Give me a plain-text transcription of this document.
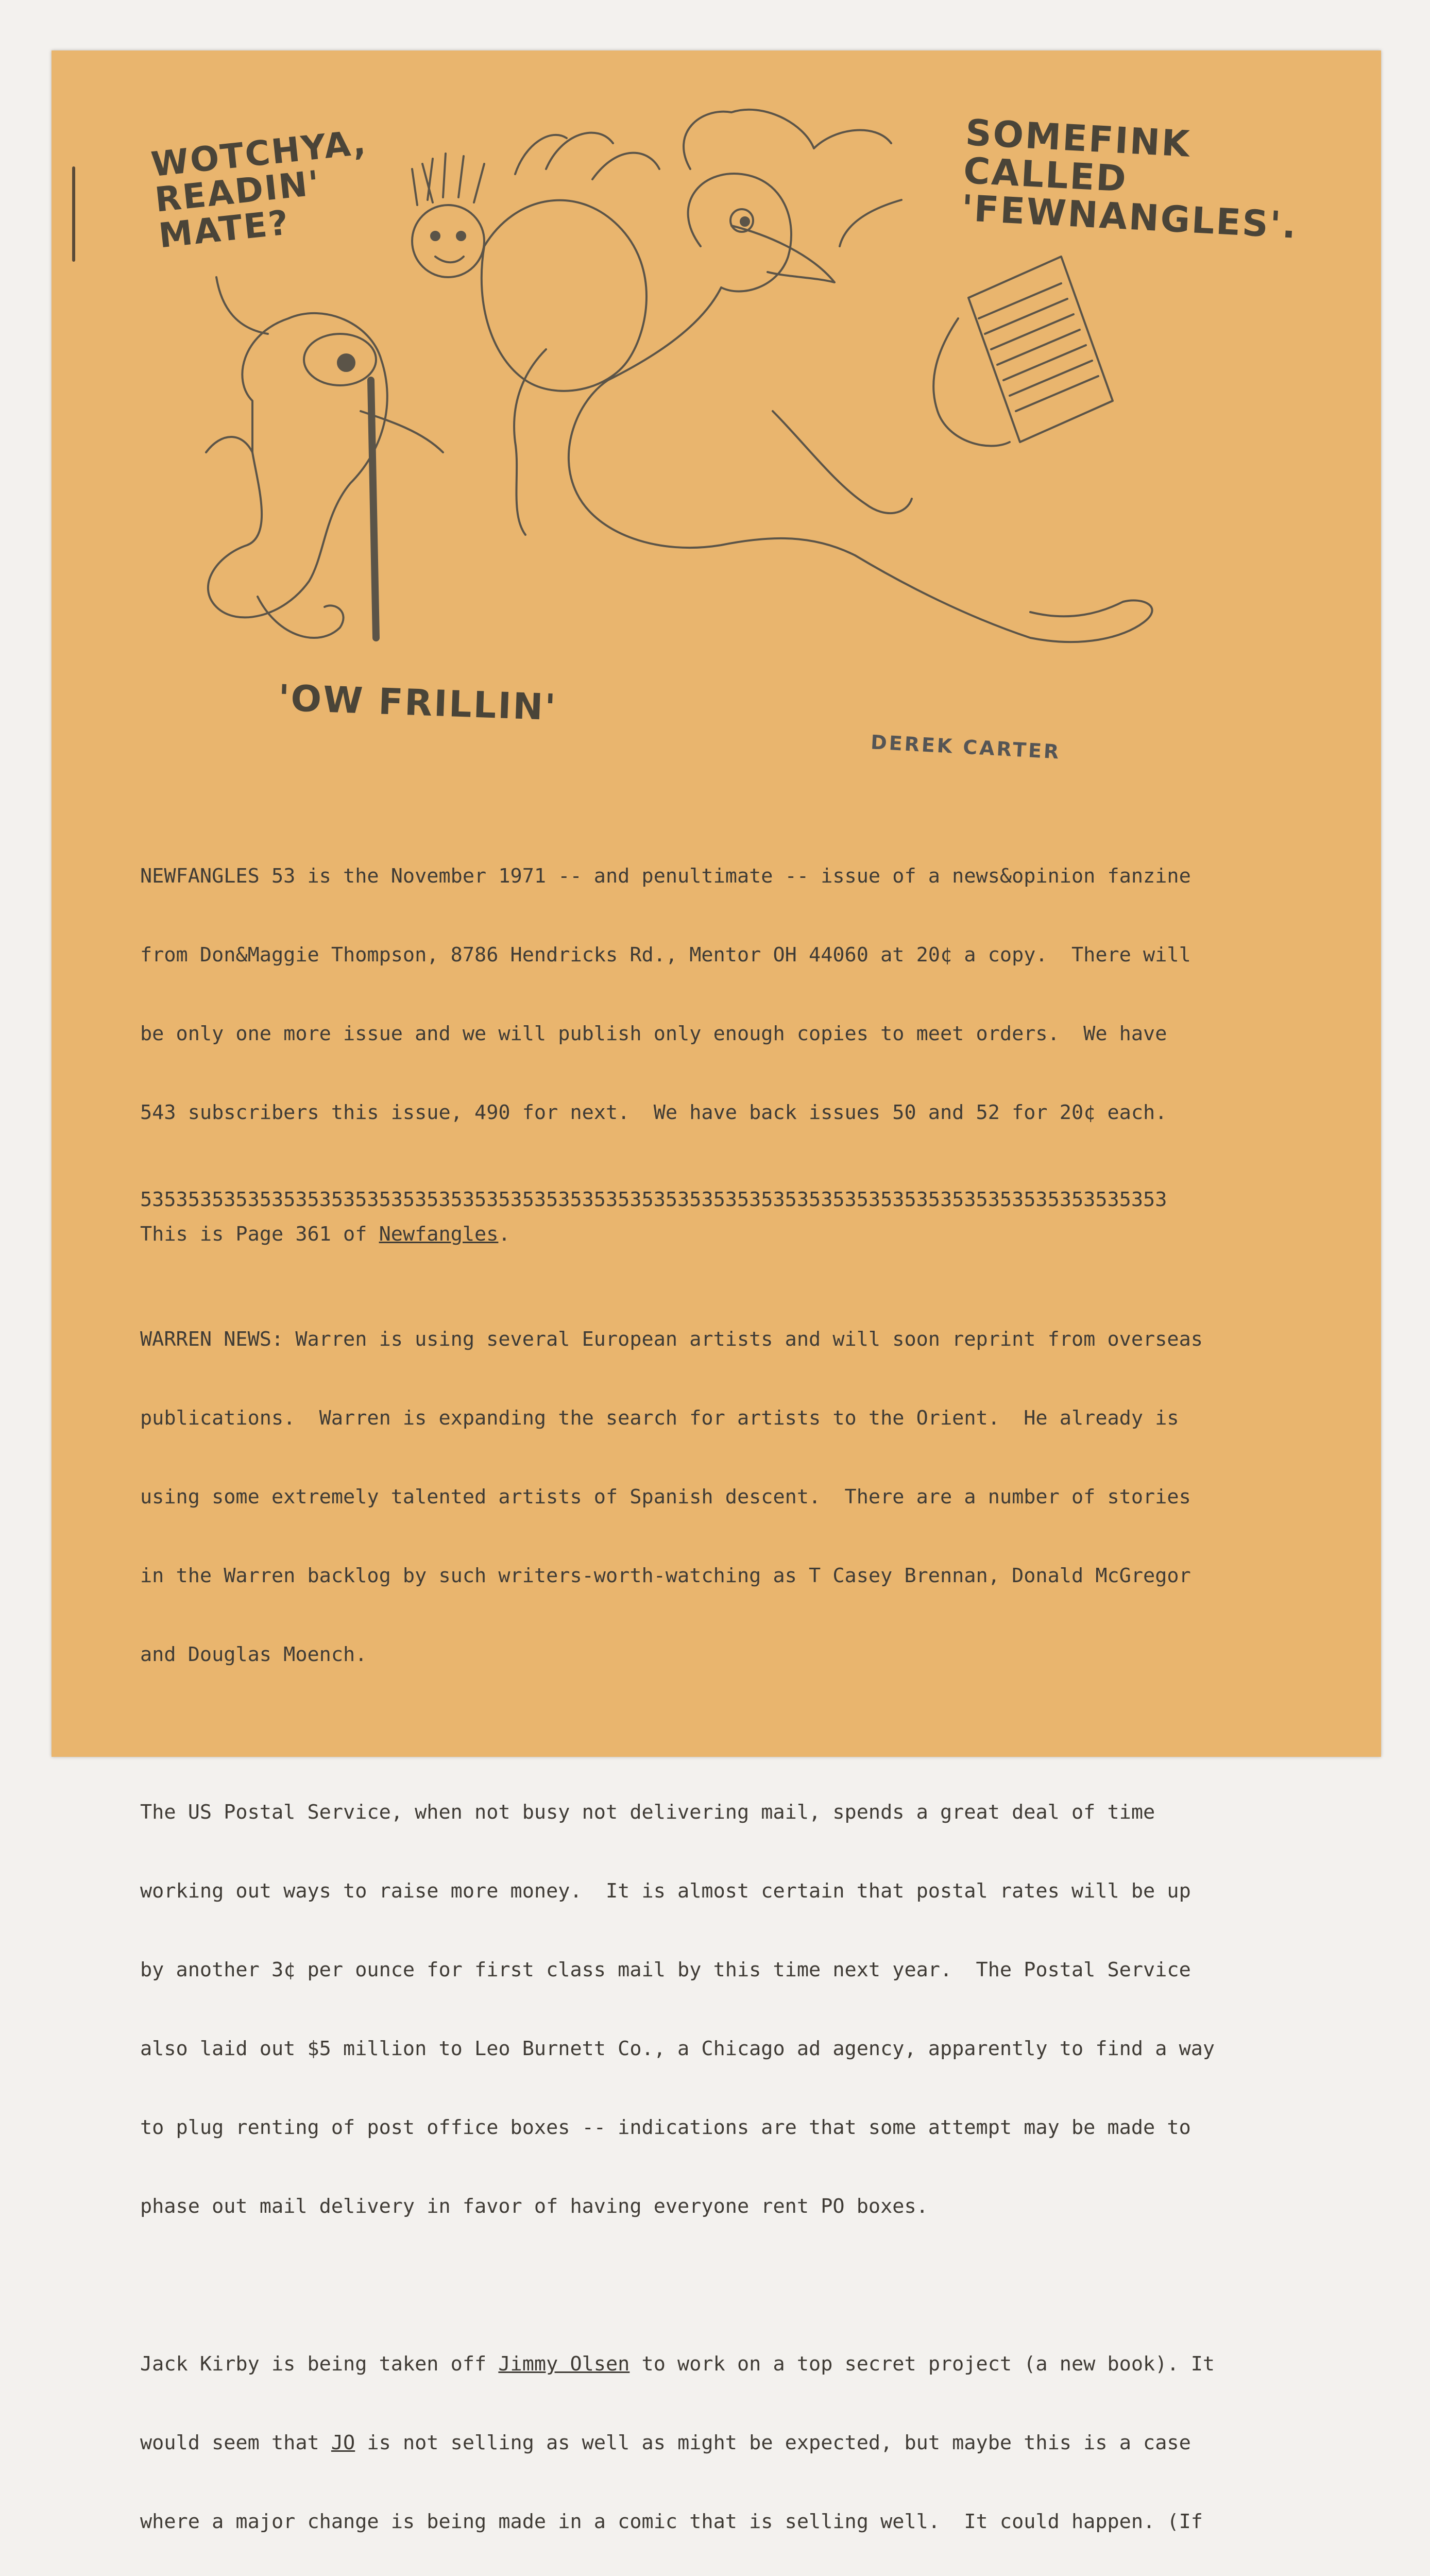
WOTCHYA,
READIN'
MATE?
SOMEFINK
CALLED
'FEWNANGLES'.
'OW FRILLIN'
DEREK CARTER

NEWFANGLES 53 is the November 1971 -- and penultimate -- issue of a news&opinion fanzine

from Don&Maggie Thompson, 8786 Hendricks Rd., Mentor OH 44060 at 20¢ a copy.  There will

be only one more issue and we will publish only enough copies to meet orders.  We have

543 subscribers this issue, 490 for next.  We have back issues 50 and 52 for 20¢ each.

53535353535353535353535353535353535353535353535353535353535353535353535353535353535353
This is Page 361 of Newfangles.

WARREN NEWS: Warren is using several European artists and will soon reprint from overseas

publications.  Warren is expanding the search for artists to the Orient.  He already is

using some extremely talented artists of Spanish descent.  There are a number of stories

in the Warren backlog by such writers-worth-watching as T Casey Brennan, Donald McGregor

and Douglas Moench.

The US Postal Service, when not busy not delivering mail, spends a great deal of time

working out ways to raise more money.  It is almost certain that postal rates will be up

by another 3¢ per ounce for first class mail by this time next year.  The Postal Service

also laid out $5 million to Leo Burnett Co., a Chicago ad agency, apparently to find a way

to plug renting of post office boxes -- indications are that some attempt may be made to

phase out mail delivery in favor of having everyone rent PO boxes.

Jack Kirby is being taken off Jimmy Olsen to work on a top secret project (a new book). It

would seem that JO is not selling as well as might be expected, but maybe this is a case

where a major change is being made in a comic that is selling well.  It could happen. (If
